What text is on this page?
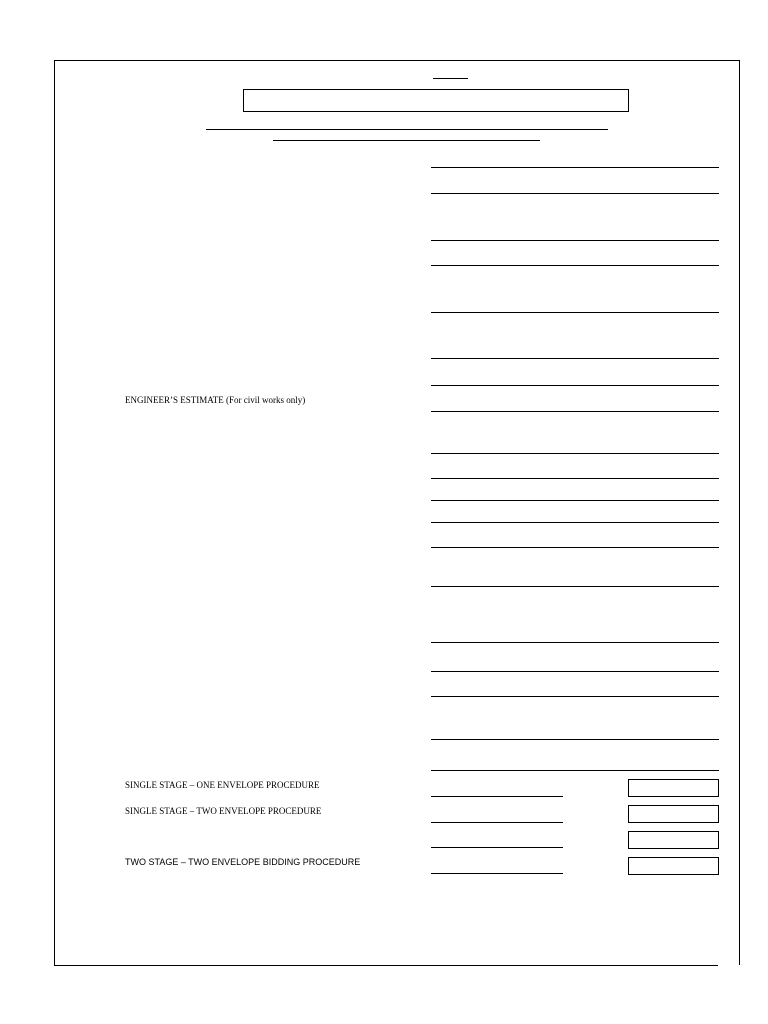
ENGINEER’S ESTIMATE (For civil works only)
SINGLE STAGE – ONE ENVELOPE PROCEDURE
SINGLE STAGE – TWO ENVELOPE PROCEDURE
TWO STAGE – TWO ENVELOPE BIDDING PROCEDURE
